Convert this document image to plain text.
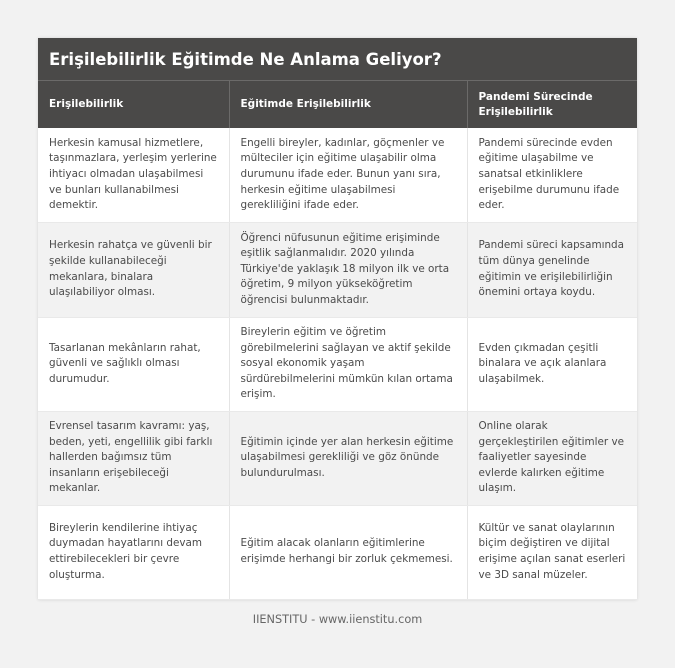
Erişilebilirlik Eğitimde Ne Anlama Geliyor?
Erişilebilirlik	Eğitimde Erişilebilirlik	Pandemi Sürecinde Erişilebilirlik
Herkesin kamusal hizmetlere, taşınmazlara, yerleşim yerlerine ihtiyacı olmadan ulaşabilmesi ve bunları kullanabilmesi demektir.	Engelli bireyler, kadınlar, göçmenler ve mülteciler için eğitime ulaşabilir olma durumunu ifade eder. Bunun yanı sıra, herkesin eğitime ulaşabilmesi gerekliliğini ifade eder.	Pandemi sürecinde evden eğitime ulaşabilme ve sanatsal etkinliklere erişebilme durumunu ifade eder.
Herkesin rahatça ve güvenli bir şekilde kullanabileceği mekanlara, binalara ulaşılabiliyor olması.	Öğrenci nüfusunun eğitime erişiminde eşitlik sağlanmalıdır. 2020 yılında Türkiye'de yaklaşık 18 milyon ilk ve orta öğretim, 9 milyon yükseköğretim öğrencisi bulunmaktadır.	Pandemi süreci kapsamında tüm dünya genelinde eğitimin ve erişilebilirliğin önemini ortaya koydu.
Tasarlanan mekânların rahat, güvenli ve sağlıklı olması durumudur.	Bireylerin eğitim ve öğretim görebilmelerini sağlayan ve aktif şekilde sosyal ekonomik yaşam sürdürebilmelerini mümkün kılan ortama erişim.	Evden çıkmadan çeşitli binalara ve açık alanlara ulaşabilmek.
Evrensel tasarım kavramı: yaş, beden, yeti, engellilik gibi farklı hallerden bağımsız tüm insanların erişebileceği mekanlar.	Eğitimin içinde yer alan herkesin eğitime ulaşabilmesi gerekliliği ve göz önünde bulundurulması.	Online olarak gerçekleştirilen eğitimler ve faaliyetler sayesinde evlerde kalırken eğitime ulaşım.
Bireylerin kendilerine ihtiyaç duymadan hayatlarını devam ettirebilecekleri bir çevre oluşturma.	Eğitim alacak olanların eğitimlerine erişimde herhangi bir zorluk çekmemesi.	Kültür ve sanat olaylarının biçim değiştiren ve dijital erişime açılan sanat eserleri ve 3D sanal müzeler.
IIENSTITU - www.iienstitu.com
